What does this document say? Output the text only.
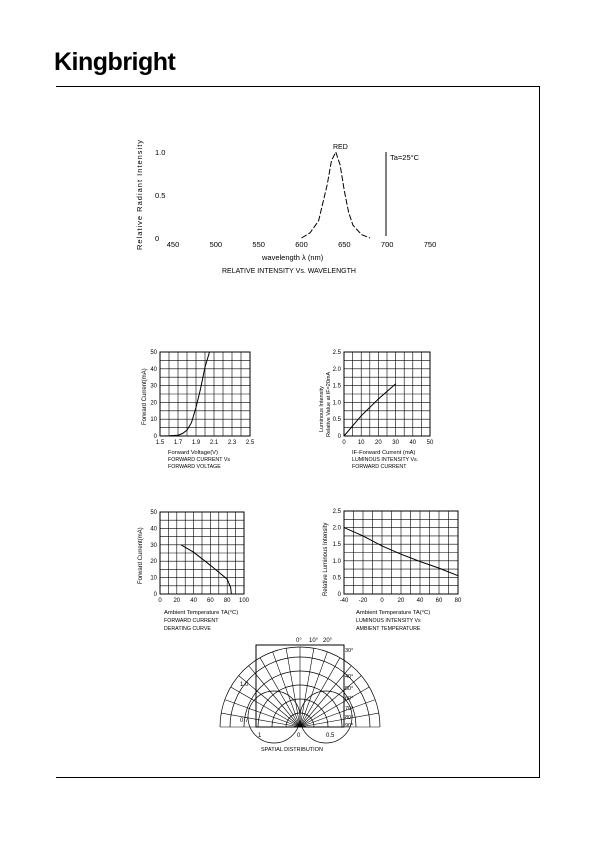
Kingbright
Relative Radiant Intensity 0
0.5
1.0
450	500	550	600	650	700	750
Ta=25°C
RED
wavelength λ (nm)
RELATIVE INTENSITY Vs. WAVELENGTH
0
10
20
30
40
50
1.5 1.7 1.9 2.1 2.3 2.5
Forward Current(mA)
Forward Voltage(V)
FORWARD CURRENT Vs
FORWARD VOLTAGE
0
0.5
1.0
1.5
2.0
2.5
0 10 20 30 40 50
Luminous Intensity Relative Value at IF=20mA
IF-Forward Current (mA)
LUMINOUS INTENSITY Vs.
FORWARD CURRENT
0
10
20
30
40
50
0 20 40 60 80 100
Forward Current(mA)
Ambient Temperature TA(°C)
FORWARD CURRENT
DERATING CURVE
0
0.5
1.0
1.5
2.0
2.5
-40 -20 0 20 40 60 80
Relative Luminous Intensity
Ambient Temperature TA(°C)
LUMINOUS INTENSITY Vs
AMBIENT TEMPERATURE
0° 10° 20°
30°
40°
50°
60°
70°
80°
90°
1.0
0.7
1	0	0.5
SPATIAL DISTRIBUTION
